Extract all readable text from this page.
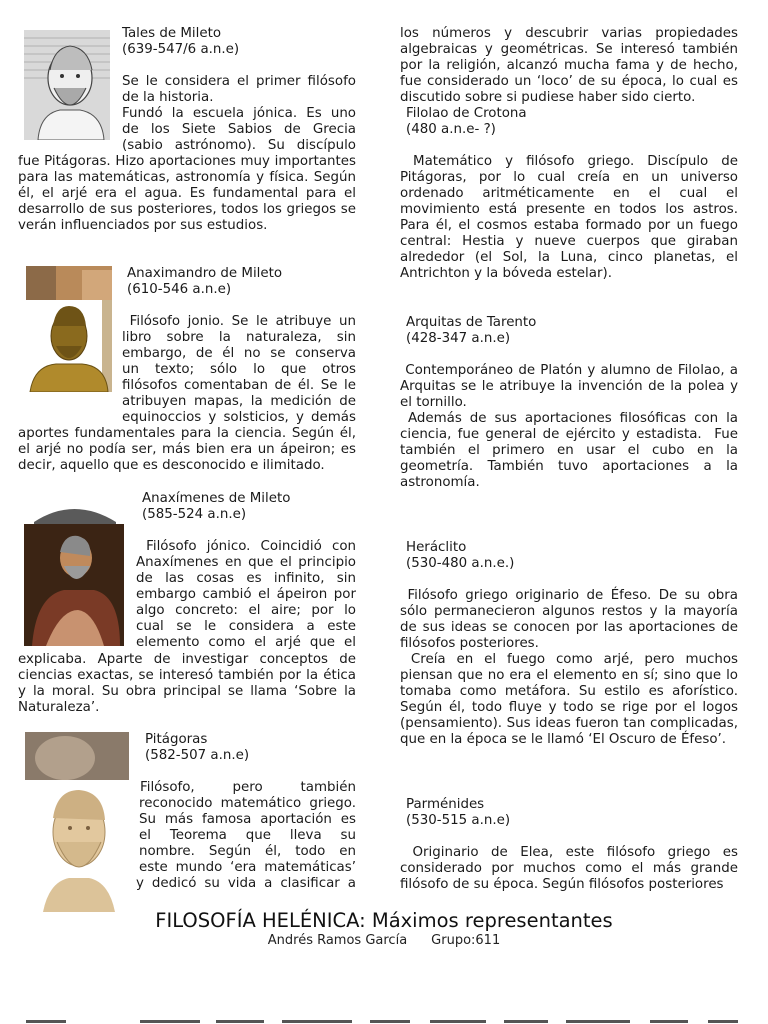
Tales de Mileto
(639-547/6 a.n.e)
Se le considera el primer filósofo
de la historia.
Fundó la escuela jónica. Es uno
de los Siete Sabios de Grecia
(sabio astrónomo). Su discípulo
fue Pitágoras. Hizo aportaciones muy importantes para las matemáticas, astronomía y física. Según él, el arjé era el agua. Es fundamental para el desarrollo de sus posteriores, todos los griegos se verán influenciados por sus estudios.
Anaximandro de Mileto
(610-546 a.n.e)
Filósofo jonio. Se le atribuye un
libro sobre la naturaleza, sin
embargo, de él no se conserva
un texto; sólo lo que otros
filósofos comentaban de él. Se le
atribuyen mapas, la medición de
equinoccios y solsticios, y demás
aportes fundamentales para la ciencia. Según él, el arjé no podía ser, más bien era un ápeiron; es decir, aquello que es desconocido e ilimitado.
Anaxímenes de Mileto
(585-524 a.n.e)
Filósofo jónico. Coincidió con
Anaxímenes en que el principio
de las cosas es infinito, sin
embargo cambió el ápeiron por
algo concreto: el aire; por lo
cual se le considera a este
elemento como el arjé que el
explicaba. Aparte de investigar conceptos de ciencias exactas, se interesó también por la ética y la moral. Su obra principal se llama ‘Sobre la Naturaleza’.
Pitágoras
(582-507 a.n.e)
Filósofo, pero también
reconocido matemático griego.
Su más famosa aportación es
el Teorema que lleva su
nombre. Según él, todo en
este mundo ‘era matemáticas’
y dedicó su vida a clasificar a
los números y descubrir varias propiedades algebraicas y geométricas. Se interesó también por la religión, alcanzó mucha fama y de hecho, fue considerado un ‘loco’ de su época, lo cual es discutido sobre si pudiese haber sido cierto.
Filolao de Crotona
(480 a.n.e- ?)
Matemático y filósofo griego. Discípulo de Pitágoras, por lo cual creía en un universo ordenado aritméticamente en el cual el movimiento está presente en todos los astros. Para él, el cosmos estaba formado por un fuego central: Hestia y nueve cuerpos que giraban alrededor (el Sol, la Luna, cinco planetas, el Antrichton y la bóveda estelar).
Arquitas de Tarento
(428-347 a.n.e)
Contemporáneo de Platón y alumno de Filolao, a Arquitas se le atribuye la invención de la polea y el tornillo.
Además de sus aportaciones filosóficas con la ciencia, fue general de ejército y estadista.  Fue también el primero en usar el cubo en la geometría. También tuvo aportaciones a la astronomía.
Heráclito
(530-480 a.n.e.)
Filósofo griego originario de Éfeso. De su obra sólo permanecieron algunos restos y la mayoría de sus ideas se conocen por las aportaciones de filósofos posteriores.
Creía en el fuego como arjé, pero muchos piensan que no era el elemento en sí; sino que lo tomaba como metáfora. Su estilo es aforístico. Según él, todo fluye y todo se rige por el logos (pensamiento). Sus ideas fueron tan complicadas, que en la época se le llamó ‘El Oscuro de Éfeso’.
Parménides
(530-515 a.n.e)
Originario de Elea, este filósofo griego es considerado por muchos como el más grande filósofo de su época. Según filósofos posteriores
FILOSOFÍA HELÉNICA: Máximos representantes
Andrés Ramos García Grupo:611
